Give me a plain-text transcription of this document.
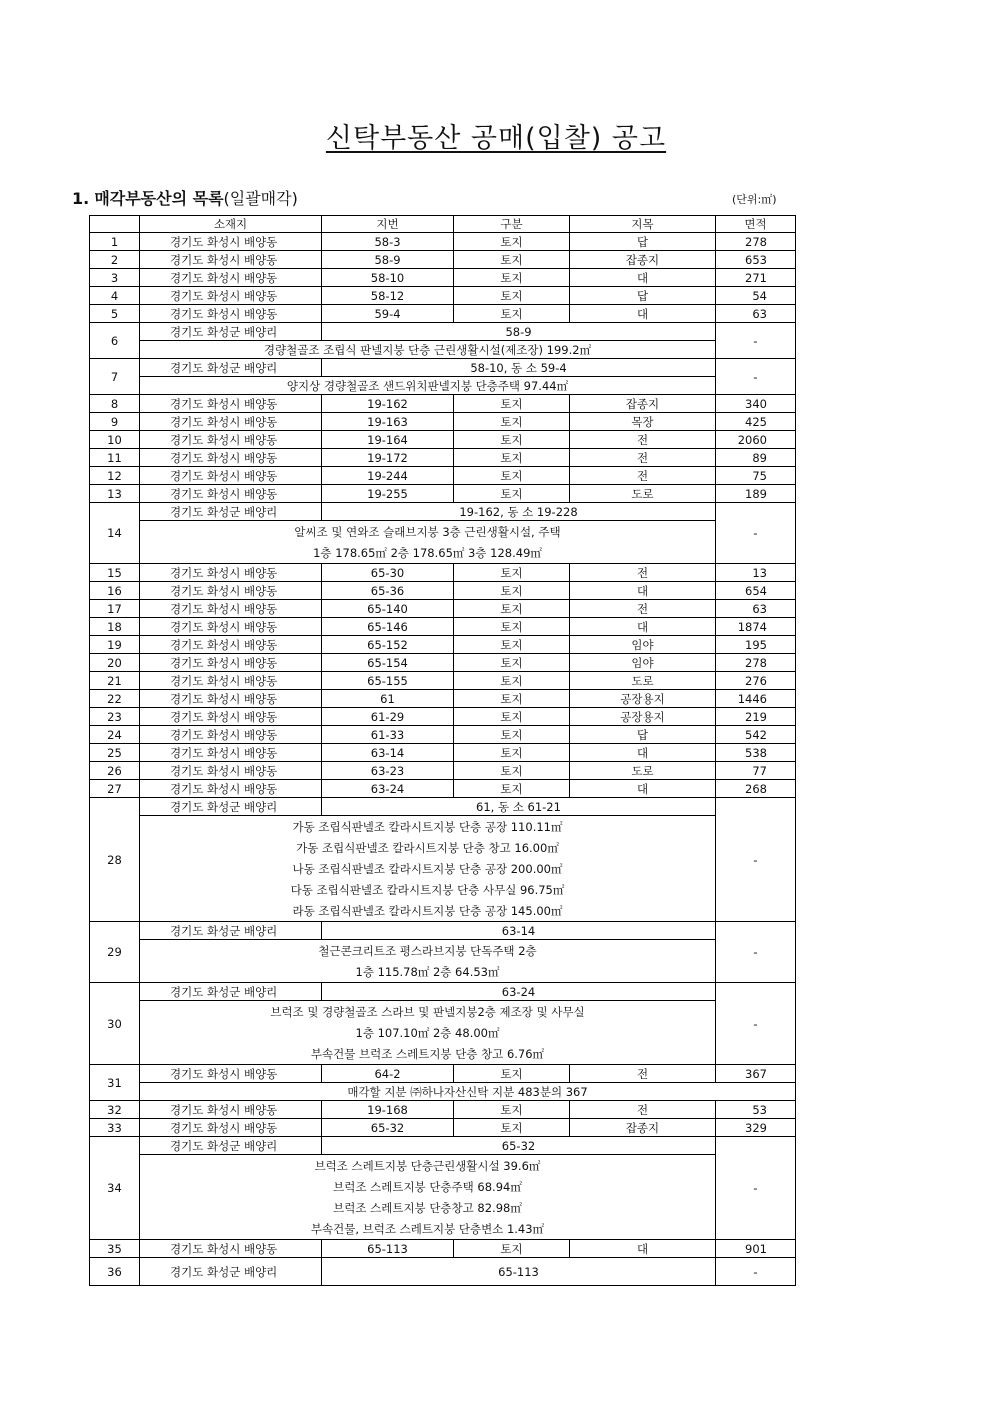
신탁부동산 공매(입찰) 공고
1. 매각부동산의 목록(일괄매각)	(단위:㎡)
	소재지	지번	구분	지목	면적
1	경기도 화성시 배양동	58-3	토지	답	278
2	경기도 화성시 배양동	58-9	토지	잡종지	653
3	경기도 화성시 배양동	58-10	토지	대	271
4	경기도 화성시 배양동	58-12	토지	답	54
5	경기도 화성시 배양동	59-4	토지	대	63
6	경기도 화성군 배양리	58-9			-
	경량철골조 조립식 판넬지붕 단층 근린생활시설(제조장) 199.2㎡				
7	경기도 화성군 배양리	58-10, 동 소 59-4			-
	양지상 경량철골조 샌드위치판넬지붕 단층주택 97.44㎡				
8	경기도 화성시 배양동	19-162	토지	잡종지	340
9	경기도 화성시 배양동	19-163	토지	목장	425
10	경기도 화성시 배양동	19-164	토지	전	2060
11	경기도 화성시 배양동	19-172	토지	전	89
12	경기도 화성시 배양동	19-244	토지	전	75
13	경기도 화성시 배양동	19-255	토지	도로	189
14	경기도 화성군 배양리	19-162, 동 소 19-228			-
	알씨조 및 연와조 슬래브지붕 3층 근린생활시설, 주택				
	1층 178.65㎡ 2층 178.65㎡ 3층 128.49㎡				
15	경기도 화성시 배양동	65-30	토지	전	13
16	경기도 화성시 배양동	65-36	토지	대	654
17	경기도 화성시 배양동	65-140	토지	전	63
18	경기도 화성시 배양동	65-146	토지	대	1874
19	경기도 화성시 배양동	65-152	토지	임야	195
20	경기도 화성시 배양동	65-154	토지	임야	278
21	경기도 화성시 배양동	65-155	토지	도로	276
22	경기도 화성시 배양동	61	토지	공장용지	1446
23	경기도 화성시 배양동	61-29	토지	공장용지	219
24	경기도 화성시 배양동	61-33	토지	답	542
25	경기도 화성시 배양동	63-14	토지	대	538
26	경기도 화성시 배양동	63-23	토지	도로	77
27	경기도 화성시 배양동	63-24	토지	대	268
28	경기도 화성군 배양리	61, 동 소 61-21			-
	가동 조립식판넬조 칼라시트지붕 단층 공장 110.11㎡				
	가동 조립식판넬조 칼라시트지붕 단층 창고 16.00㎡				
	나동 조립식판넬조 칼라시트지붕 단층 공장 200.00㎡				
	다동 조립식판넬조 칼라시트지붕 단층 사무실 96.75㎡				
	라동 조립식판넬조 칼라시트지붕 단층 공장 145.00㎡				
29	경기도 화성군 배양리	63-14			-
	철근콘크리트조 평스라브지붕 단독주택 2층				
	1층 115.78㎡ 2층 64.53㎡				
30	경기도 화성군 배양리	63-24			-
	브럭조 및 경량철골조 스라브 및 판넬지붕2층 제조장 및 사무실				
	1층 107.10㎡ 2층 48.00㎡				
	부속건물 브럭조 스레트지붕 단층 창고 6.76㎡				
31	경기도 화성시 배양동	64-2	토지	전	367
	매각할 지분 ㈜하나자산신탁 지분 483분의 367				
32	경기도 화성시 배양동	19-168	토지	전	53
33	경기도 화성시 배양동	65-32	토지	잡종지	329
34	경기도 화성군 배양리	65-32			-
	브럭조 스레트지붕 단층근린생활시설 39.6㎡				
	브럭조 스레트지붕 단층주택 68.94㎡				
	브럭조 스레트지붕 단층창고 82.98㎡				
	부속건물, 브럭조 스레트지붕 단층변소 1.43㎡				
35	경기도 화성시 배양동	65-113	토지	대	901
36	경기도 화성군 배양리	65-113			-
